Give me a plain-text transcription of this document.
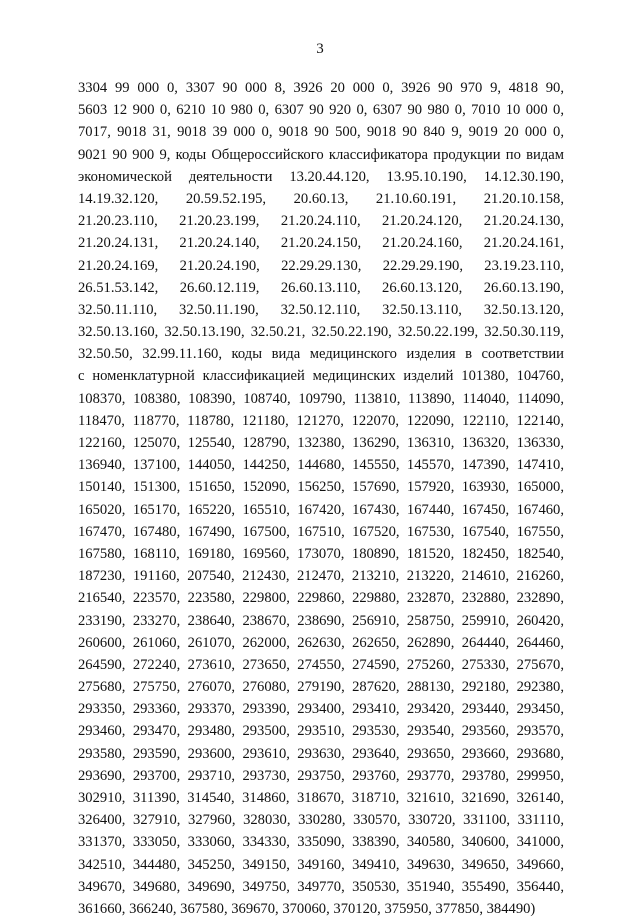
3
3304 99 000 0, 3307 90 000 8, 3926 20 000 0, 3926 90 970 9, 4818 90,
5603 12 900 0, 6210 10 980 0, 6307 90 920 0, 6307 90 980 0, 7010 10 000 0,
7017, 9018 31, 9018 39 000 0, 9018 90 500, 9018 90 840 9, 9019 20 000 0,
9021 90 900 9, коды Общероссийского классификатора продукции по видам
экономической деятельности 13.20.44.120, 13.95.10.190, 14.12.30.190,
14.19.32.120, 20.59.52.195, 20.60.13, 21.10.60.191, 21.20.10.158,
21.20.23.110, 21.20.23.199, 21.20.24.110, 21.20.24.120, 21.20.24.130,
21.20.24.131, 21.20.24.140, 21.20.24.150, 21.20.24.160, 21.20.24.161,
21.20.24.169, 21.20.24.190, 22.29.29.130, 22.29.29.190, 23.19.23.110,
26.51.53.142, 26.60.12.119, 26.60.13.110, 26.60.13.120, 26.60.13.190,
32.50.11.110, 32.50.11.190, 32.50.12.110, 32.50.13.110, 32.50.13.120,
32.50.13.160, 32.50.13.190, 32.50.21, 32.50.22.190, 32.50.22.199, 32.50.30.119,
32.50.50, 32.99.11.160, коды вида медицинского изделия в соответствии
с номенклатурной классификацией медицинских изделий 101380, 104760,
108370, 108380, 108390, 108740, 109790, 113810, 113890, 114040, 114090,
118470, 118770, 118780, 121180, 121270, 122070, 122090, 122110, 122140,
122160, 125070, 125540, 128790, 132380, 136290, 136310, 136320, 136330,
136940, 137100, 144050, 144250, 144680, 145550, 145570, 147390, 147410,
150140, 151300, 151650, 152090, 156250, 157690, 157920, 163930, 165000,
165020, 165170, 165220, 165510, 167420, 167430, 167440, 167450, 167460,
167470, 167480, 167490, 167500, 167510, 167520, 167530, 167540, 167550,
167580, 168110, 169180, 169560, 173070, 180890, 181520, 182450, 182540,
187230, 191160, 207540, 212430, 212470, 213210, 213220, 214610, 216260,
216540, 223570, 223580, 229800, 229860, 229880, 232870, 232880, 232890,
233190, 233270, 238640, 238670, 238690, 256910, 258750, 259910, 260420,
260600, 261060, 261070, 262000, 262630, 262650, 262890, 264440, 264460,
264590, 272240, 273610, 273650, 274550, 274590, 275260, 275330, 275670,
275680, 275750, 276070, 276080, 279190, 287620, 288130, 292180, 292380,
293350, 293360, 293370, 293390, 293400, 293410, 293420, 293440, 293450,
293460, 293470, 293480, 293500, 293510, 293530, 293540, 293560, 293570,
293580, 293590, 293600, 293610, 293630, 293640, 293650, 293660, 293680,
293690, 293700, 293710, 293730, 293750, 293760, 293770, 293780, 299950,
302910, 311390, 314540, 314860, 318670, 318710, 321610, 321690, 326140,
326400, 327910, 327960, 328030, 330280, 330570, 330720, 331100, 331110,
331370, 333050, 333060, 334330, 335090, 338390, 340580, 340600, 341000,
342510, 344480, 345250, 349150, 349160, 349410, 349630, 349650, 349660,
349670, 349680, 349690, 349750, 349770, 350530, 351940, 355490, 356440,
361660, 366240, 367580, 369670, 370060, 370120, 375950, 377850, 384490)
